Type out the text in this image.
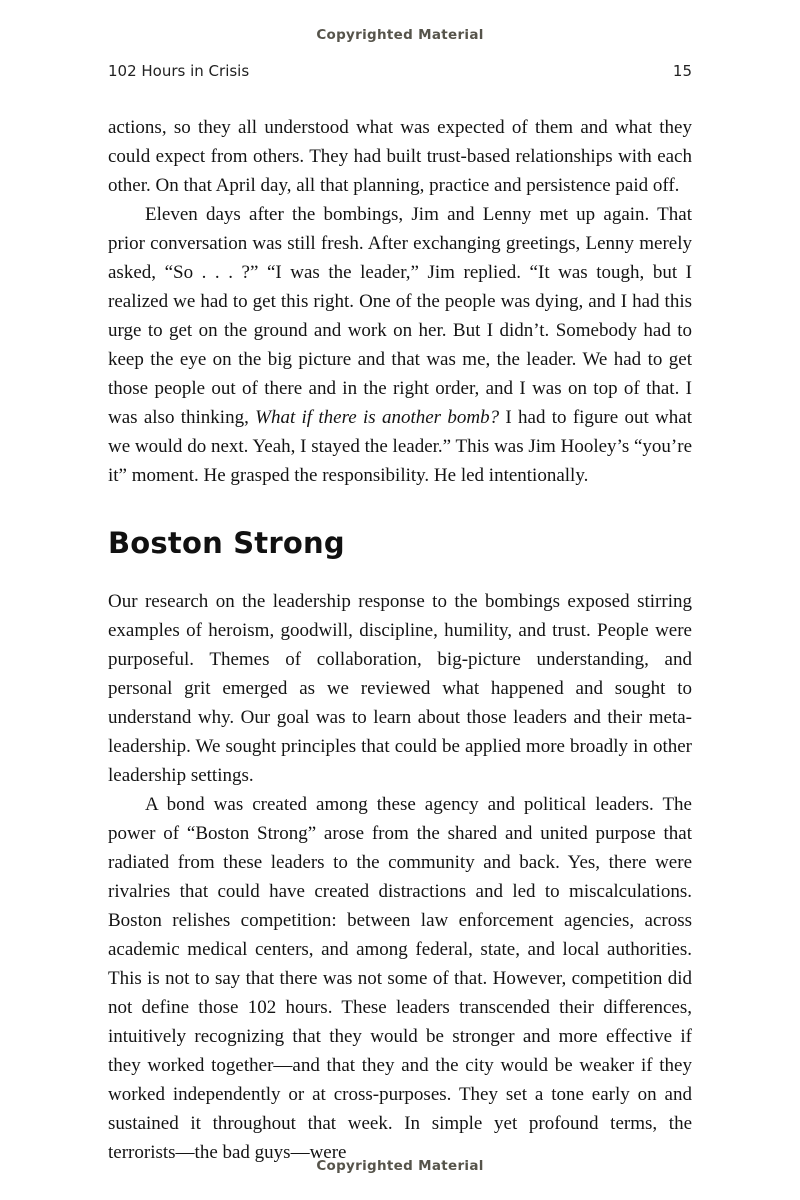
Copyrighted Material
102 Hours in Crisis	15

actions, so they all understood what was expected of them and what they could expect from others. They had built trust-based relationships with each other. On that April day, all that planning, practice and persistence paid off.

Eleven days after the bombings, Jim and Lenny met up again. That prior conversation was still fresh. After exchanging greetings, Lenny merely asked, “So . . . ?” “I was the leader,” Jim replied. “It was tough, but I realized we had to get this right. One of the people was dying, and I had this urge to get on the ground and work on her. But I didn’t. Somebody had to keep the eye on the big picture and that was me, the leader. We had to get those people out of there and in the right order, and I was on top of that. I was also thinking, What if there is another bomb? I had to figure out what we would do next. Yeah, I stayed the leader.” This was Jim Hooley’s “you’re it” moment. He grasped the responsibility. He led intentionally.

Boston Strong

Our research on the leadership response to the bombings exposed stirring examples of heroism, goodwill, discipline, humility, and trust. People were purposeful. Themes of collaboration, big-picture understanding, and personal grit emerged as we reviewed what happened and sought to understand why. Our goal was to learn about those leaders and their meta-leadership. We sought principles that could be applied more broadly in other leadership settings.

A bond was created among these agency and political leaders. The power of “Boston Strong” arose from the shared and united purpose that radiated from these leaders to the community and back. Yes, there were rivalries that could have created distractions and led to miscalculations. Boston relishes competition: between law enforcement agencies, across academic medical centers, and among federal, state, and local authorities. This is not to say that there was not some of that. However, competition did not define those 102 hours. These leaders transcended their differences, intuitively recognizing that they would be stronger and more effective if they worked together—and that they and the city would be weaker if they worked independently or at cross-purposes. They set a tone early on and sustained it throughout that week. In simple yet profound terms, the terrorists—the bad guys—were

Copyrighted Material
